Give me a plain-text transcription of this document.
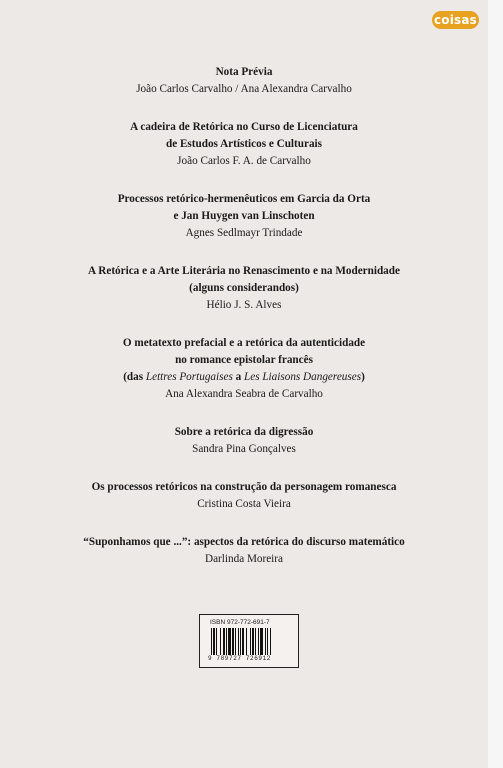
coisas
Nota Prévia
João Carlos Carvalho / Ana Alexandra Carvalho
A cadeira de Retórica no Curso de Licenciatura
de Estudos Artísticos e Culturais
João Carlos F. A. de Carvalho
Processos retórico-hermenêuticos em Garcia da Orta
e Jan Huygen van Linschoten
Agnes Sedlmayr Trindade
A Retórica e a Arte Literária no Renascimento e na Modernidade
(alguns considerandos)
Hélio J. S. Alves
O metatexto prefacial e a retórica da autenticidade
no romance epistolar francês
(das Lettres Portugaises a Les Liaisons Dangereuses)
Ana Alexandra Seabra de Carvalho
Sobre a retórica da digressão
Sandra Pina Gonçalves
Os processos retóricos na construção da personagem romanesca
Cristina Costa Vieira
“Suponhamos que ...”: aspectos da retórica do discurso matemático
Darlinda Moreira
ISBN 972-772-691-7
9 789727 726912
